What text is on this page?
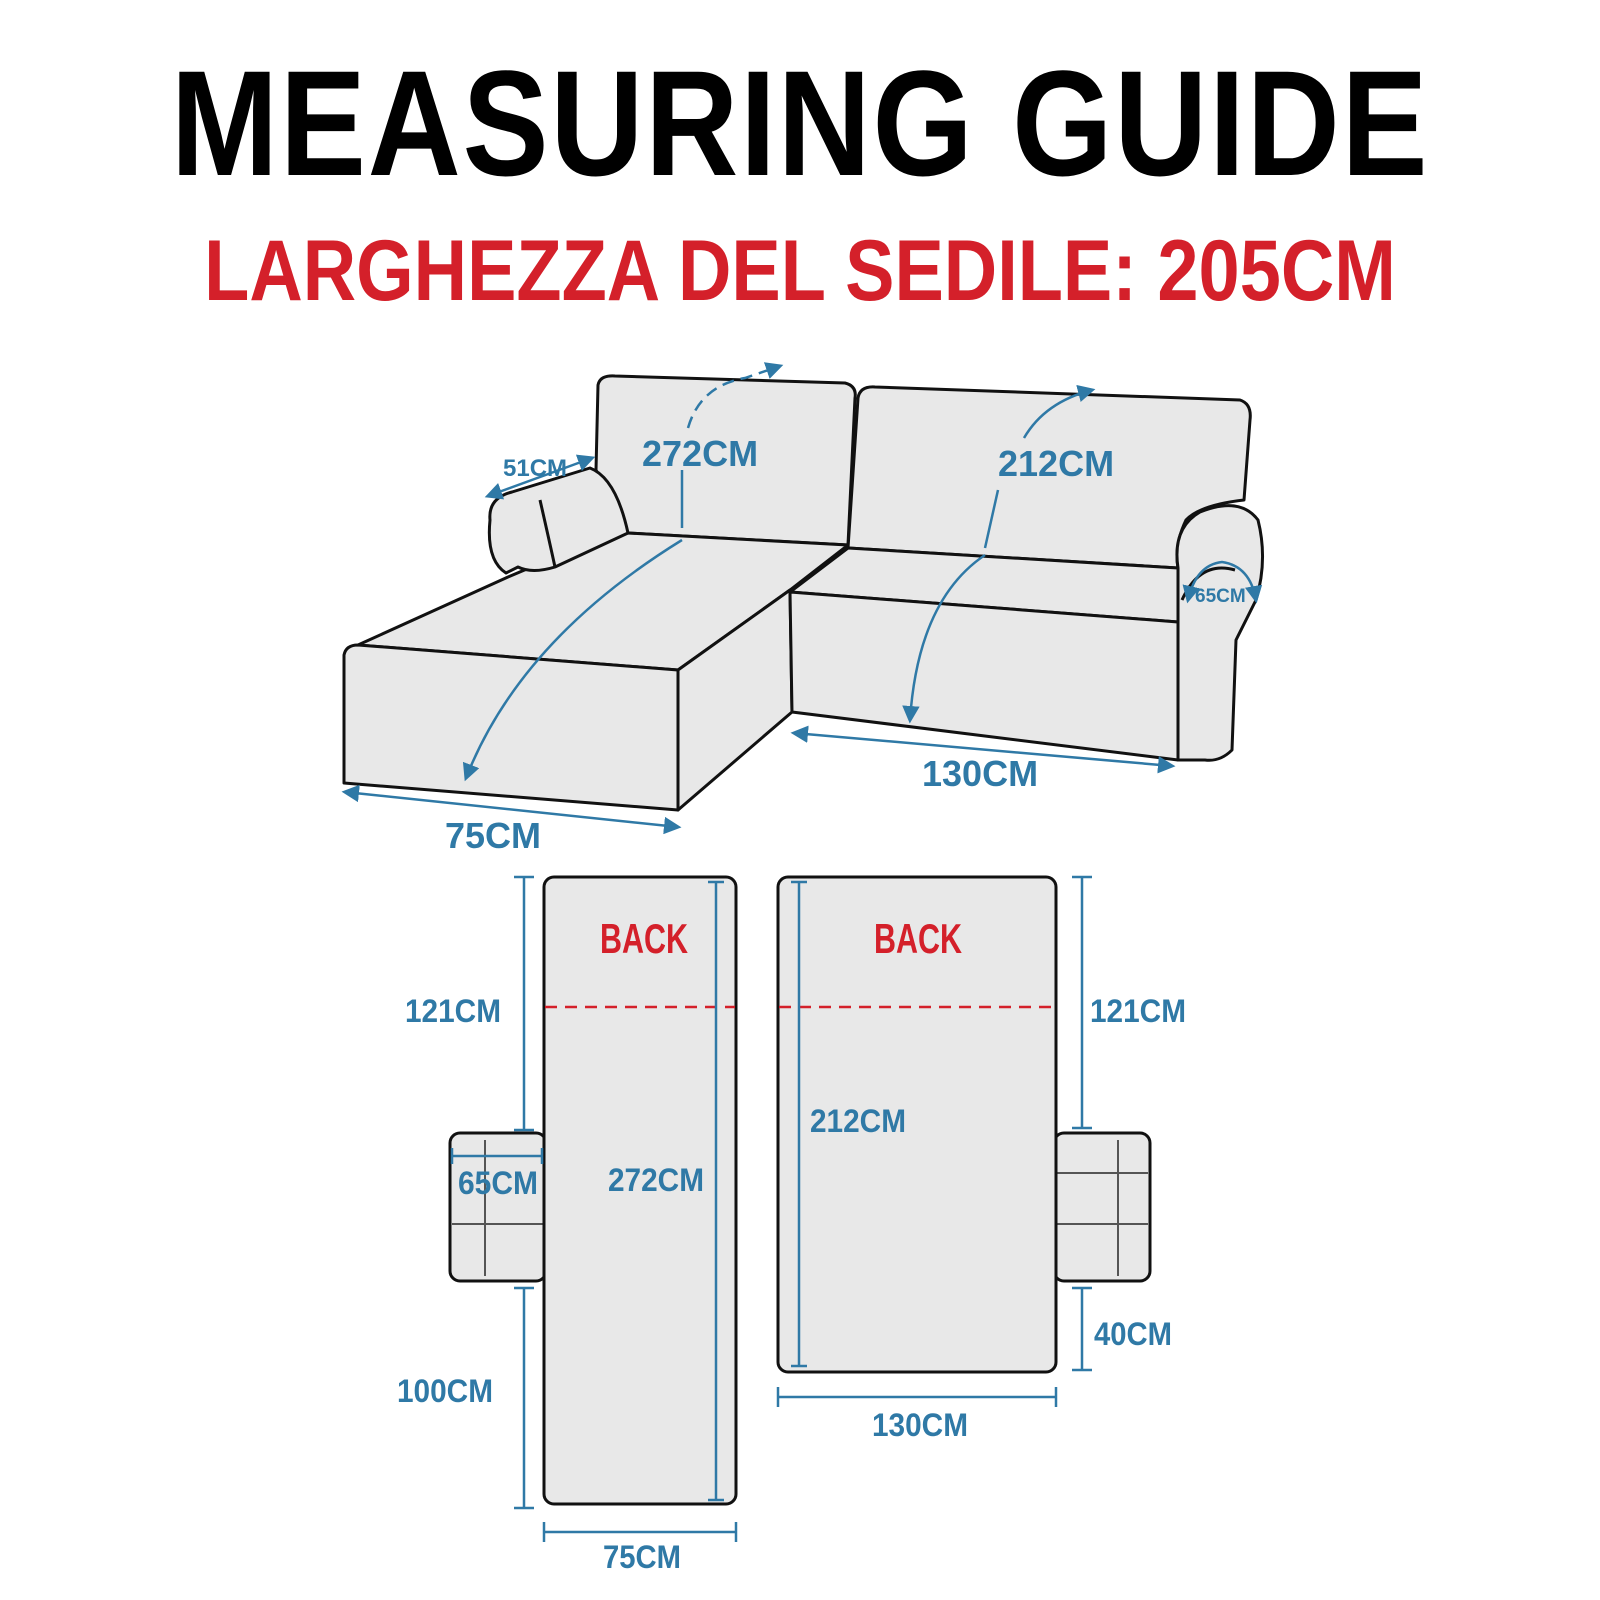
MEASURING GUIDE
LARGHEZZA DEL SEDILE: 205CM
272CM	212CM
51CM
65CM
75CM
130CM
BACK
121CM
65CM 272CM
100CM
75CM
BACK
121CM
212CM
40CM
130CM
